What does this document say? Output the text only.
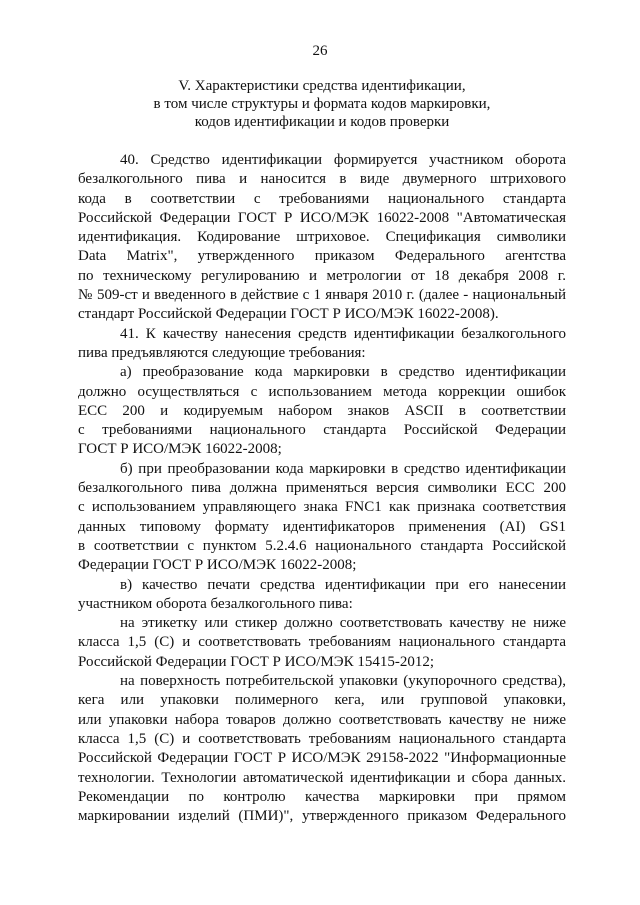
26
V. Характеристики средства идентификации,
в том числе структуры и формата кодов маркировки,
кодов идентификации и кодов проверки
40. Средство идентификации формируется участником оборота
безалкогольного пива и наносится в виде двумерного штрихового
кода в соответствии с требованиями национального стандарта
Российской Федерации ГОСТ Р ИСО/МЭК 16022-2008 "Автоматическая
идентификация. Кодирование штриховое. Спецификация символики
Data Matrix", утвержденного приказом Федерального агентства
по техническому регулированию и метрологии от 18 декабря 2008 г.
№ 509-ст и введенного в действие с 1 января 2010 г. (далее - национальный
стандарт Российской Федерации ГОСТ Р ИСО/МЭК 16022-2008).
41. К качеству нанесения средств идентификации безалкогольного
пива предъявляются следующие требования:
а) преобразование кода маркировки в средство идентификации
должно осуществляться с использованием метода коррекции ошибок
ECC 200 и кодируемым набором знаков ASCII в соответствии
с требованиями национального стандарта Российской Федерации
ГОСТ Р ИСО/МЭК 16022-2008;
б) при преобразовании кода маркировки в средство идентификации
безалкогольного пива должна применяться версия символики ECC 200
с использованием управляющего знака FNC1 как признака соответствия
данных типовому формату идентификаторов применения (AI) GS1
в соответствии с пунктом 5.2.4.6 национального стандарта Российской
Федерации ГОСТ Р ИСО/МЭК 16022-2008;
в) качество печати средства идентификации при его нанесении
участником оборота безалкогольного пива:
на этикетку или стикер должно соответствовать качеству не ниже
класса 1,5 (С) и соответствовать требованиям национального стандарта
Российской Федерации ГОСТ Р ИСО/МЭК 15415-2012;
на поверхность потребительской упаковки (укупорочного средства),
кега или упаковки полимерного кега, или групповой упаковки,
или упаковки набора товаров должно соответствовать качеству не ниже
класса 1,5 (С) и соответствовать требованиям национального стандарта
Российской Федерации ГОСТ Р ИСО/МЭК 29158-2022 "Информационные
технологии. Технологии автоматической идентификации и сбора данных.
Рекомендации по контролю качества маркировки при прямом
маркировании изделий (ПМИ)", утвержденного приказом Федерального
